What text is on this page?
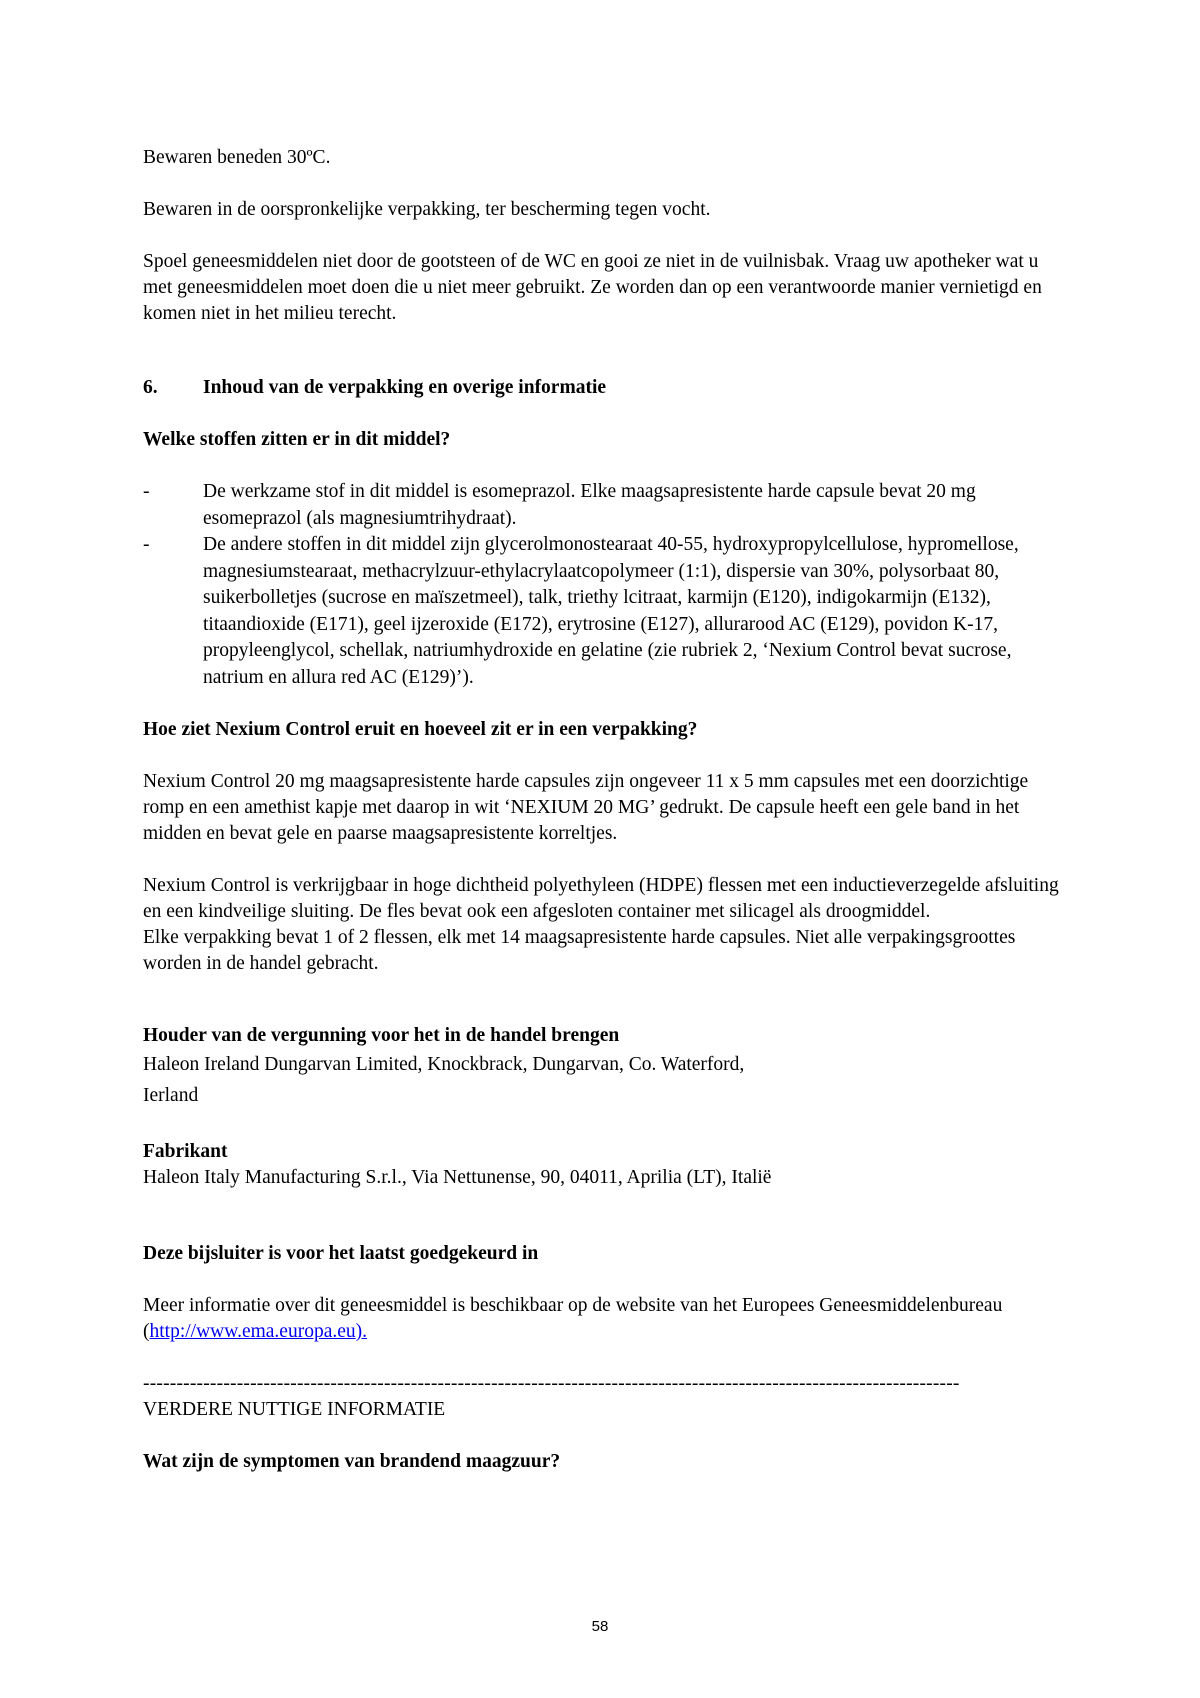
Bewaren beneden 30ºC.

Bewaren in de oorspronkelijke verpakking, ter bescherming tegen vocht.

Spoel geneesmiddelen niet door de gootsteen of de WC en gooi ze niet in de vuilnisbak. Vraag uw apotheker wat u met geneesmiddelen moet doen die u niet meer gebruikt. Ze worden dan op een verantwoorde manier vernietigd en komen niet in het milieu terecht.

6.	Inhoud van de verpakking en overige informatie

Welke stoffen zitten er in dit middel?

-	De werkzame stof in dit middel is esomeprazol. Elke maagsapresistente harde capsule bevat 20 mg esomeprazol (als magnesiumtrihydraat).
-	De andere stoffen in dit middel zijn glycerolmonostearaat 40-55, hydroxypropylcellulose, hypromellose, magnesiumstearaat, methacrylzuur-ethylacrylaatcopolymeer (1:1), dispersie van 30%, polysorbaat 80, suikerbolletjes (sucrose en maïszetmeel), talk, triethy lcitraat, karmijn (E120), indigokarmijn (E132), titaandioxide (E171), geel ijzeroxide (E172), erytrosine (E127), allurarood AC (E129), povidon K-17, propyleenglycol, schellak, natriumhydroxide en gelatine (zie rubriek 2, ‘Nexium Control bevat sucrose, natrium en allura red AC (E129)’).

Hoe ziet Nexium Control eruit en hoeveel zit er in een verpakking?

Nexium Control 20 mg maagsapresistente harde capsules zijn ongeveer 11 x 5 mm capsules met een doorzichtige romp en een amethist kapje met daarop in wit ‘NEXIUM 20 MG’ gedrukt. De capsule heeft een gele band in het midden en bevat gele en paarse maagsapresistente korreltjes.

Nexium Control is verkrijgbaar in hoge dichtheid polyethyleen (HDPE) flessen met een inductieverzegelde afsluiting en een kindveilige sluiting. De fles bevat ook een afgesloten container met silicagel als droogmiddel.

Elke verpakking bevat 1 of 2 flessen, elk met 14 maagsapresistente harde capsules. Niet alle verpakingsgroottes worden in de handel gebracht.

Houder van de vergunning voor het in de handel brengen

Haleon Ireland Dungarvan Limited, Knockbrack, Dungarvan, Co. Waterford,

Ierland

Fabrikant

Haleon Italy Manufacturing S.r.l., Via Nettunense, 90, 04011, Aprilia (LT), Italië

Deze bijsluiter is voor het laatst goedgekeurd in

Meer informatie over dit geneesmiddel is beschikbaar op de website van het Europees Geneesmiddelenbureau (http://www.ema.europa.eu).

--------------------------------------------------------------------------------------------------------------------------

VERDERE NUTTIGE INFORMATIE

Wat zijn de symptomen van brandend maagzuur?

58
